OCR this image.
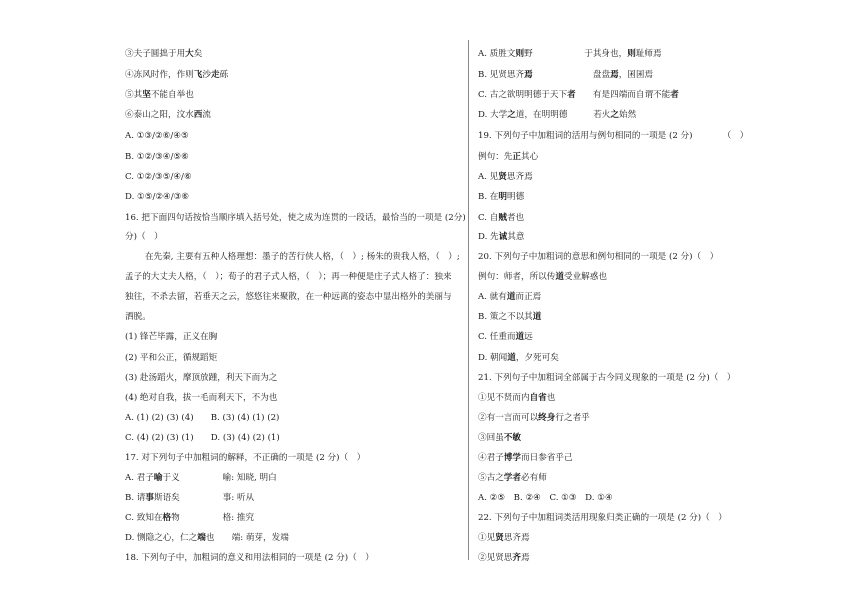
③夫子圆拙于用大矣
④冻风时作，作则飞沙走砾
⑤其坚不能自举也
⑥泰山之阳，汶水西流
A. ①③/②⑥/④⑤
B. ①②/③④/⑤⑥
C. ①②/③⑤/④/⑥
D. ①⑤/②④/③⑥
16. 把下面四句话按恰当顺序填入括号处，使之成为连贯的一段话，最恰当的一项是 (2分)
分)（　）
在先秦, 主要有五种人格理想：墨子的苦行侠人格，（　）; 杨朱的贵我人格，（　）;
孟子的大丈夫人格，（　）；荀子的君子式人格，（　）；再一种便是庄子式人格了：独来
独往，不杀去留，若垂天之云，悠悠往来聚散，在一种远离的姿态中显出格外的美丽与
洒脱。
(1) 锋芒毕露，正义在胸
(2) 平和公正，循规蹈矩
(3) 赴汤蹈火，摩顶放踵，利天下而为之
(4) 绝对自我，拔一毛而利天下，不为也
A. (1) (2) (3) (4)　　B. (3) (4) (1) (2)
C. (4) (2) (3) (1)　　D. (3) (4) (2) (1)
17. 对下列句子中加粗词的解释，不正确的一项是 (2 分)（　）
A. 君子喻于义　　　　　喻: 知晓, 明白
B. 请事斯语矣　　　　　事: 听从
C. 致知在格物　　　　　格: 推究
D. 恻隐之心，仁之端也　　端: 萌芽，发端
18. 下列句子中，加粗词的意义和用法相同的一项是 (2 分)（　）
A. 质胜文则野　　　　　　于其身也，则耻师焉
B. 见贤思齐焉　　　　　　　盘盘焉，囷囷焉
C. 古之欲明明德于天下者　　有是四端而自谓不能者
D. 大学之道，在明明德　　　若火之始然
19. 下列句子中加粗词的活用与例句相同的一项是 (2 分)　　　　（　）
例句：先正其心
A. 见贤思齐焉
B. 在明明德
C. 自贼者也
D. 先诚其意
20. 下列句子中加粗词的意思和例句相同的一项是 (2 分)（　）
例句：师者，所以传道受业解惑也
A. 就有道而正焉
B. 策之不以其道
C. 任重而道远
D. 朝闻道，夕死可矣
21. 下列句子中加粗词全部属于古今同义现象的一项是 (2 分)（　）
①见不贤而内自省也
②有一言而可以终身行之者乎
③回虽不敏
④君子博学而日参省乎己
⑤古之学者必有师
A. ②⑤　B. ②④　C. ①③　D. ①④
22. 下列句子中加粗词类活用现象归类正确的一项是 (2 分)（　）
①见贤思齐焉
②见贤思齐焉
